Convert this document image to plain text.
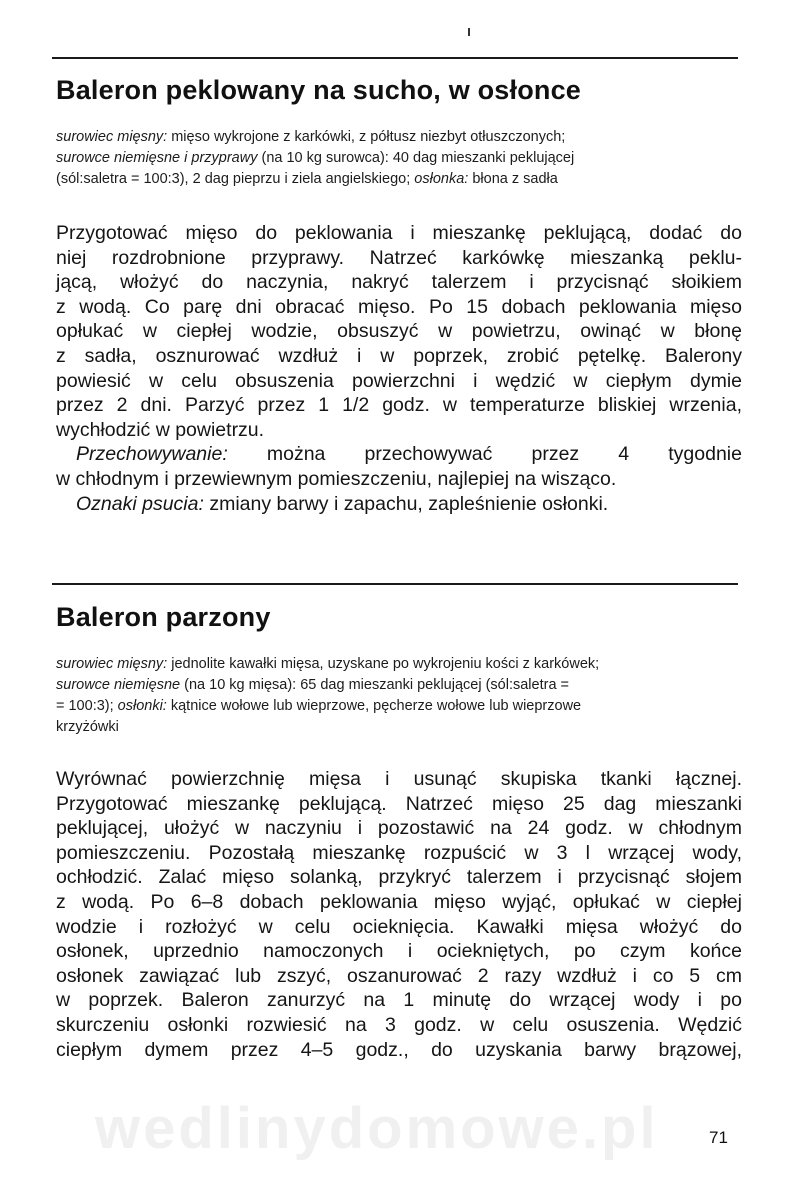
Baleron peklowany na sucho, w osłonce
surowiec mięsny: mięso wykrojone z karkówki, z półtusz niezbyt otłuszczonych;
surowce niemięsne i przyprawy (na 10 kg surowca): 40 dag mieszanki peklującej
(sól:saletra = 100:3), 2 dag pieprzu i ziela angielskiego; osłonka: błona z sadła
Przygotować mięso do peklowania i mieszankę peklującą, dodać do
niej rozdrobnione przyprawy. Natrzeć karkówkę mieszanką peklu-
jącą, włożyć do naczynia, nakryć talerzem i przycisnąć słoikiem
z wodą. Co parę dni obracać mięso. Po 15 dobach peklowania mięso
opłukać w ciepłej wodzie, obsuszyć w powietrzu, owinąć w błonę
z sadła, osznurować wzdłuż i w poprzek, zrobić pętelkę. Balerony
powiesić w celu obsuszenia powierzchni i wędzić w ciepłym dymie
przez 2 dni. Parzyć przez 1 1/2 godz. w temperaturze bliskiej wrzenia,
wychłodzić w powietrzu.
Przechowywanie: można przechowywać przez 4 tygodnie
w chłodnym i przewiewnym pomieszczeniu, najlepiej na wisząco.
Oznaki psucia: zmiany barwy i zapachu, zapleśnienie osłonki.
Baleron parzony
surowiec mięsny: jednolite kawałki mięsa, uzyskane po wykrojeniu kości z karkówek;
surowce niemięsne (na 10 kg mięsa): 65 dag mieszanki peklującej (sól:saletra =
= 100:3); osłonki: kątnice wołowe lub wieprzowe, pęcherze wołowe lub wieprzowe
krzyżówki
Wyrównać powierzchnię mięsa i usunąć skupiska tkanki łącznej.
Przygotować mieszankę peklującą. Natrzeć mięso 25 dag mieszanki
peklującej, ułożyć w naczyniu i pozostawić na 24 godz. w chłodnym
pomieszczeniu. Pozostałą mieszankę rozpuścić w 3 l wrzącej wody,
ochłodzić. Zalać mięso solanką, przykryć talerzem i przycisnąć słojem
z wodą. Po 6–8 dobach peklowania mięso wyjąć, opłukać w ciepłej
wodzie i rozłożyć w celu ocieknięcia. Kawałki mięsa włożyć do
osłonek, uprzednio namoczonych i ociekniętych, po czym końce
osłonek zawiązać lub zszyć, oszanurować 2 razy wzdłuż i co 5 cm
w poprzek. Baleron zanurzyć na 1 minutę do wrzącej wody i po
skurczeniu osłonki rozwiesić na 3 godz. w celu osuszenia. Wędzić
ciepłym dymem przez 4–5 godz., do uzyskania barwy brązowej,
wedlinydomowe.pl	71
